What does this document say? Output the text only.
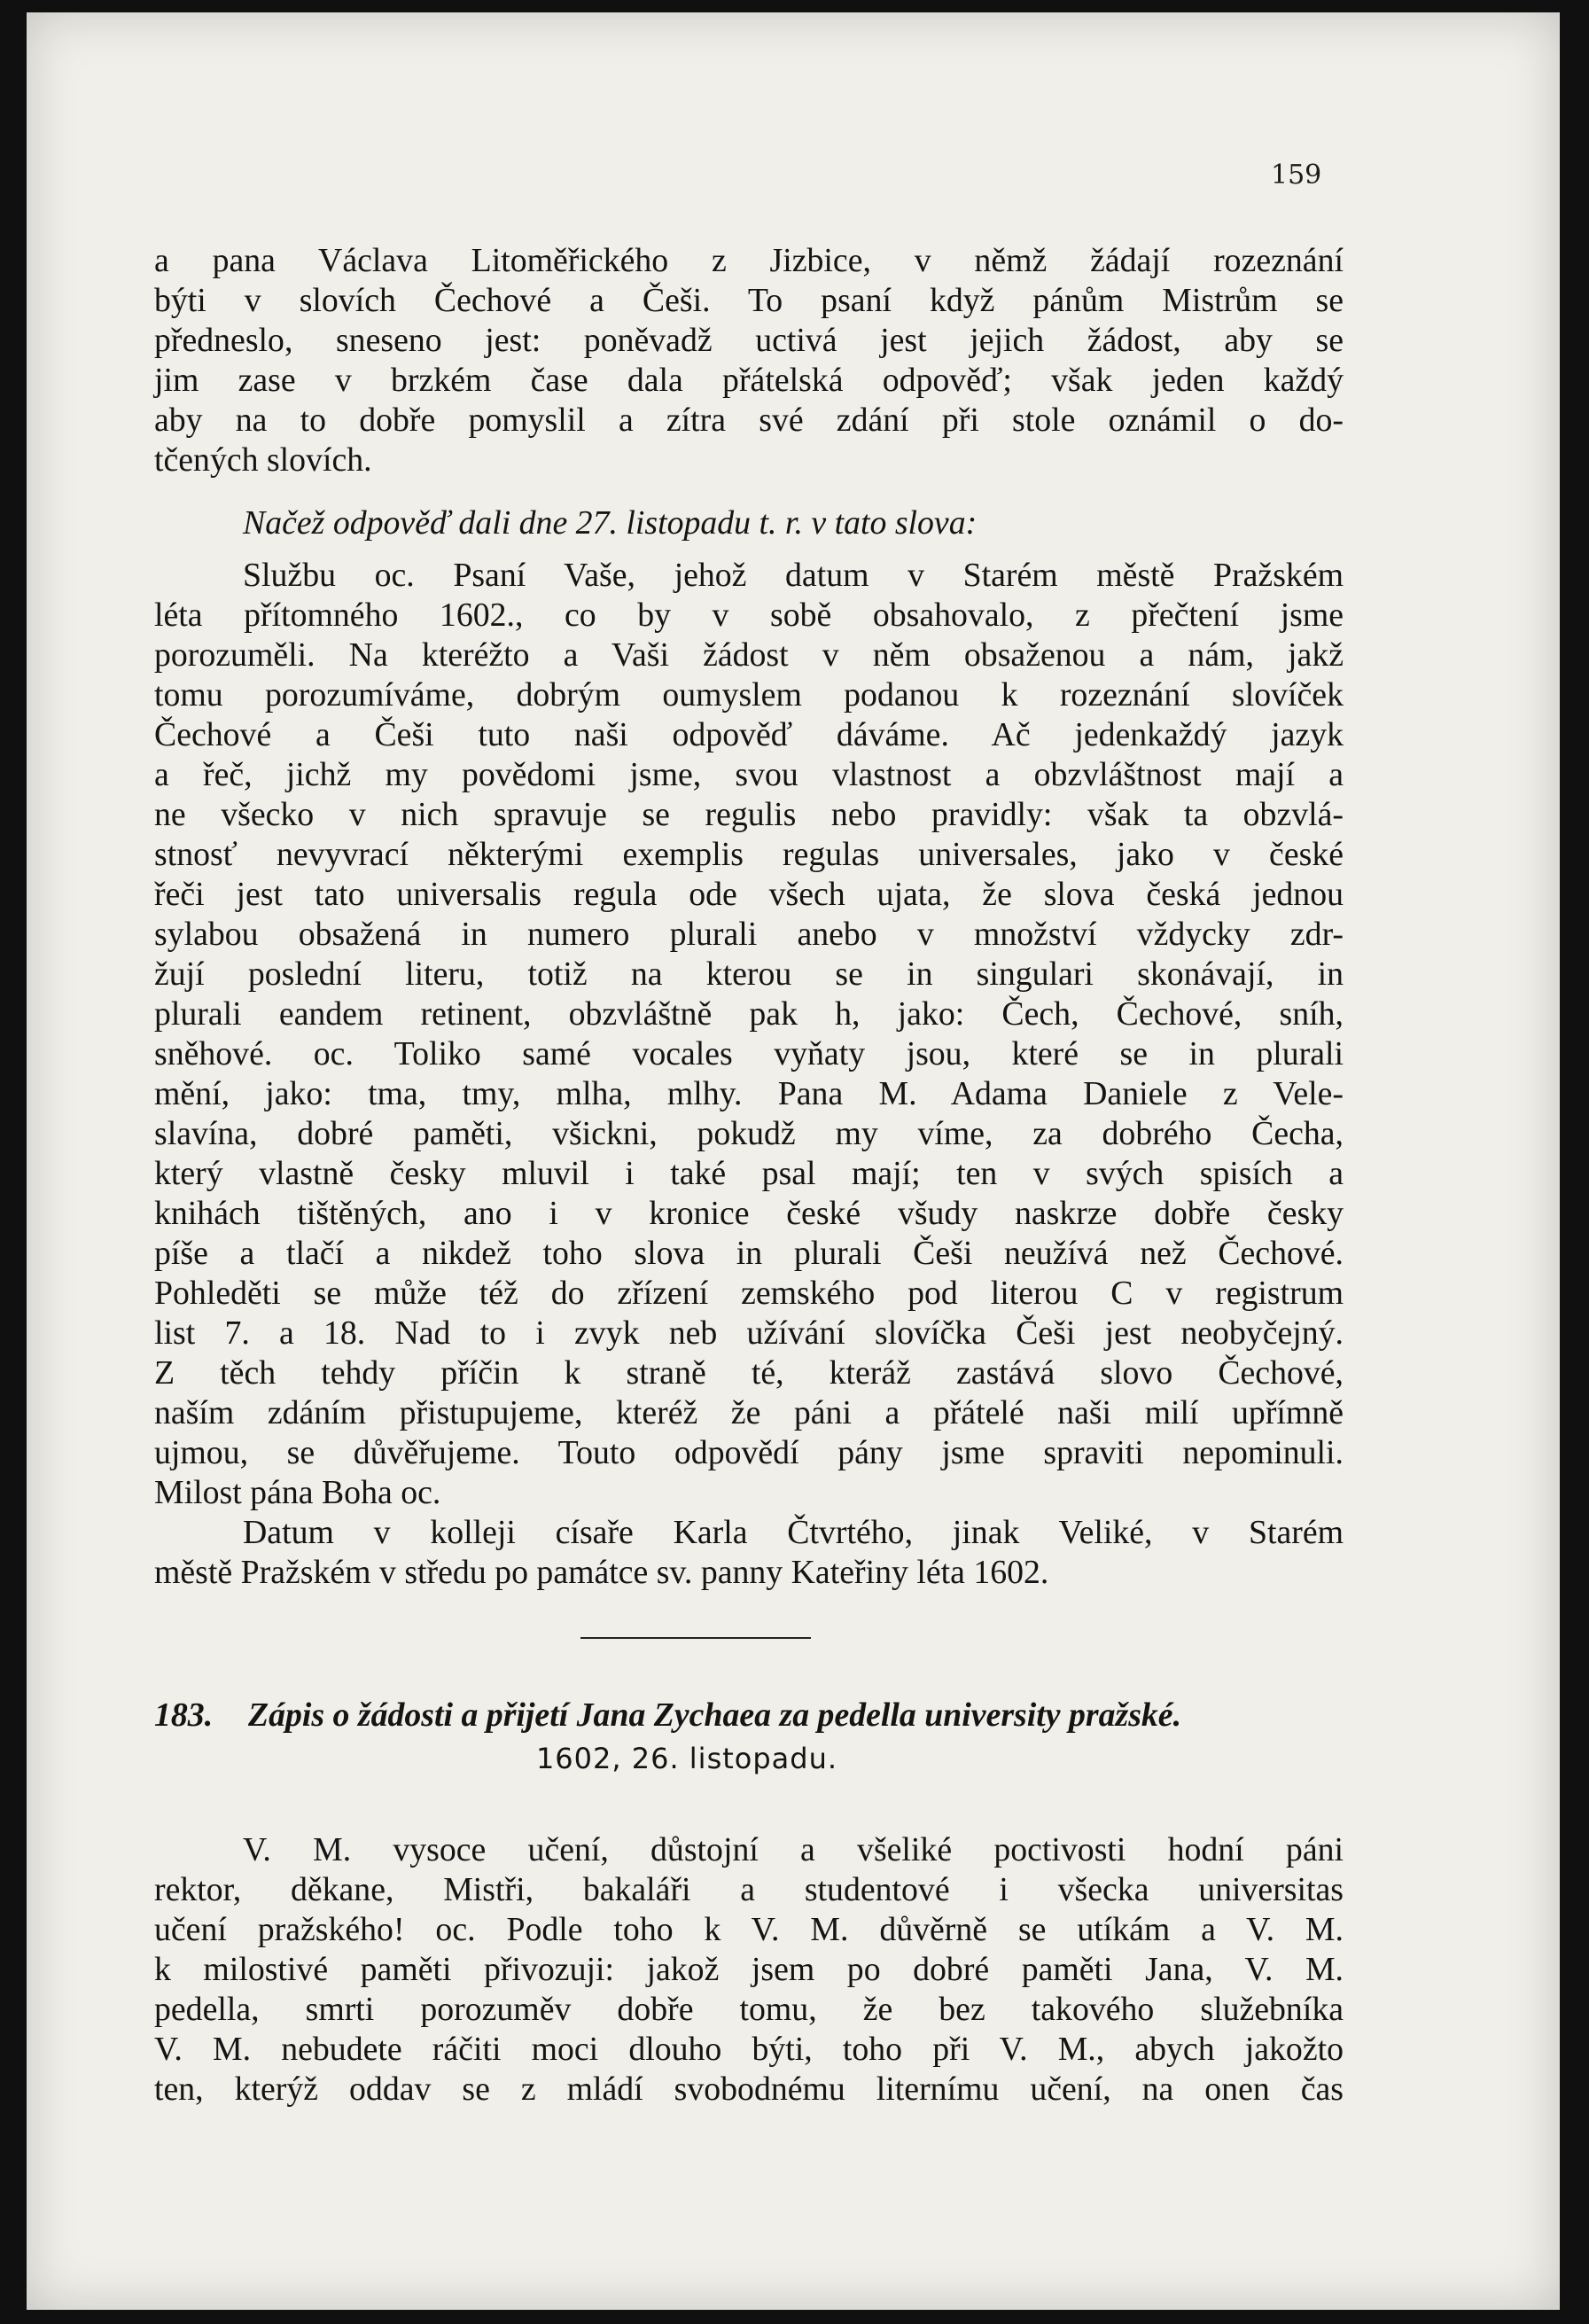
159
a pana Václava Litoměřického z Jizbice, v němž žádají rozeznání
býti v slovích Čechové a Češi. To psaní když pánům Mistrům se
předneslo, sneseno jest: poněvadž uctivá jest jejich žádost, aby se
jim zase v brzkém čase dala přátelská odpověď; však jeden každý
aby na to dobře pomyslil a zítra své zdání při stole oznámil o do-
tčených slovích.
Načež odpověď dali dne 27. listopadu t. r. v tato slova:
Službu oc. Psaní Vaše, jehož datum v Starém městě Pražském
léta přítomného 1602., co by v sobě obsahovalo, z přečtení jsme
porozuměli. Na kteréžto a Vaši žádost v něm obsaženou a nám, jakž
tomu porozumíváme, dobrým oumyslem podanou k rozeznání slovíček
Čechové a Češi tuto naši odpověď dáváme. Ač jedenkaždý jazyk
a řeč, jichž my povědomi jsme, svou vlastnost a obzvláštnost mají a
ne všecko v nich spravuje se regulis nebo pravidly: však ta obzvlá-
stnosť nevyvrací některými exemplis regulas universales, jako v české
řeči jest tato universalis regula ode všech ujata, že slova česká jednou
sylabou obsažená in numero plurali anebo v množství vždycky zdr-
žují poslední literu, totiž na kterou se in singulari skonávají, in
plurali eandem retinent, obzvláštně pak h, jako: Čech, Čechové, sníh,
sněhové. oc. Toliko samé vocales vyňaty jsou, které se in plurali
mění, jako: tma, tmy, mlha, mlhy. Pana M. Adama Daniele z Vele-
slavína, dobré paměti, všickni, pokudž my víme, za dobrého Čecha,
který vlastně česky mluvil i také psal mají; ten v svých spisích a
knihách tištěných, ano i v kronice české všudy naskrze dobře česky
píše a tlačí a nikdež toho slova in plurali Češi neužívá než Čechové.
Pohleděti se může též do zřízení zemského pod literou C v registrum
list 7. a 18. Nad to i zvyk neb užívání slovíčka Češi jest neobyčejný.
Z těch tehdy příčin k straně té, kteráž zastává slovo Čechové,
naším zdáním přistupujeme, kteréž že páni a přátelé naši milí upřímně
ujmou, se důvěřujeme. Touto odpovědí pány jsme spraviti nepominuli.
Milost pána Boha oc.
Datum v kolleji císaře Karla Čtvrtého, jinak Veliké, v Starém
městě Pražském v středu po památce sv. panny Kateřiny léta 1602.
183.	Zápis o žádosti a přijetí Jana Zychaea za pedella university pražské.
1602, 26. listopadu.
V. M. vysoce učení, důstojní a všeliké poctivosti hodní páni
rektor, děkane, Mistři, bakaláři a studentové i všecka universitas
učení pražského! oc. Podle toho k V. M. důvěrně se utíkám a V. M.
k milostivé paměti přivozuji: jakož jsem po dobré paměti Jana, V. M.
pedella, smrti porozuměv dobře tomu, že bez takového služebníka
V. M. nebudete ráčiti moci dlouho býti, toho při V. M., abych jakožto
ten, kterýž oddav se z mládí svobodnému liternímu učení, na onen čas
